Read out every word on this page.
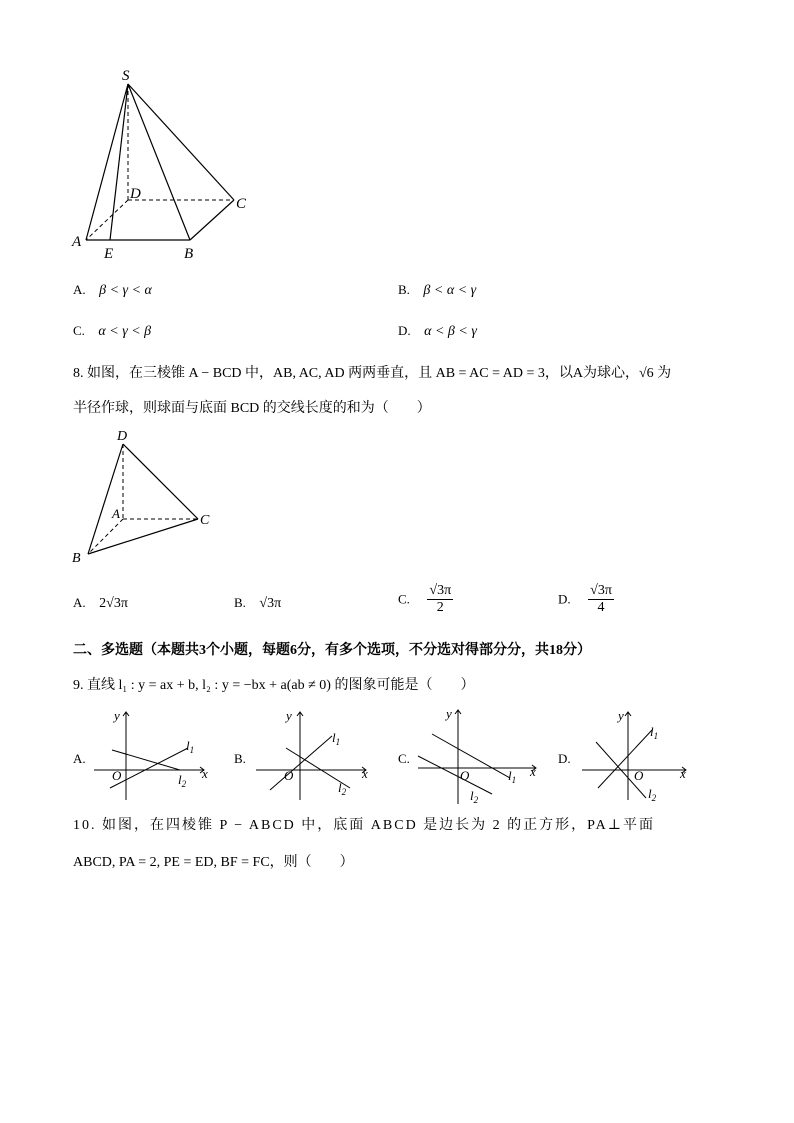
S
D
C
A
E	B
A. β < γ < α	B. β < α < γ
C. α < γ < β	D. α < β < γ
8. 如图，在三棱锥 A − BCD 中，AB, AC, AD 两两垂直，且 AB = AC = AD = 3，以A为球心，√6 为
半径作球，则球面与底面 BCD 的交线长度的和为（　　）
D
A	C
B
A. 2√3π	B. √3π	C. $\frac{√3\pi}{2}$	D. $\frac{√3\pi}{4}$
二、多选题（本题共3个小题，每题6分，有多个选项，不分选对得部分分，共18分）
9. 直线 l₁ : y = ax + b, l₂ : y = −bx + a(ab ≠ 0) 的图象可能是（　　）
A.
y
x
O
$l_1$
$l_2$
B.
y
x
O
$l_1$
$l_2$
C.
y
x
O	$l_1$
$l_2$
D.
y
x
O
$l_1$
$l_2$
10. 如图，在四棱锥 P − ABCD 中，底面 ABCD 是边长为 2 的正方形，PA⊥平面
ABCD, PA = 2, PE = ED, BF = FC，则（　　）
